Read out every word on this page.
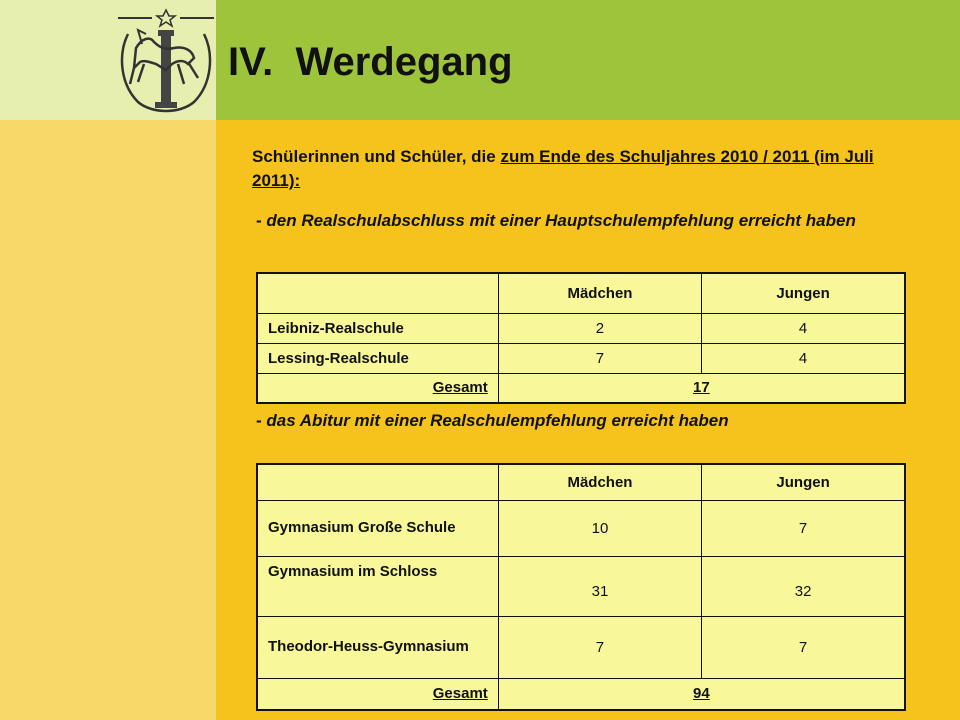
IV.  Werdegang
Schülerinnen und Schüler, die zum Ende des Schuljahres 2010 / 2011 (im Juli 2011):
- den Realschulabschluss mit einer Hauptschulempfehlung erreicht haben
	Mädchen	Jungen
Leibniz-Realschule	2	4
Lessing-Realschule	7	4
Gesamt	17	
- das Abitur mit einer Realschulempfehlung erreicht haben
	Mädchen	Jungen
Gymnasium Große Schule	10	7
Gymnasium im Schloss	31	32
Theodor-Heuss-Gymnasium	7	7
Gesamt	94	
